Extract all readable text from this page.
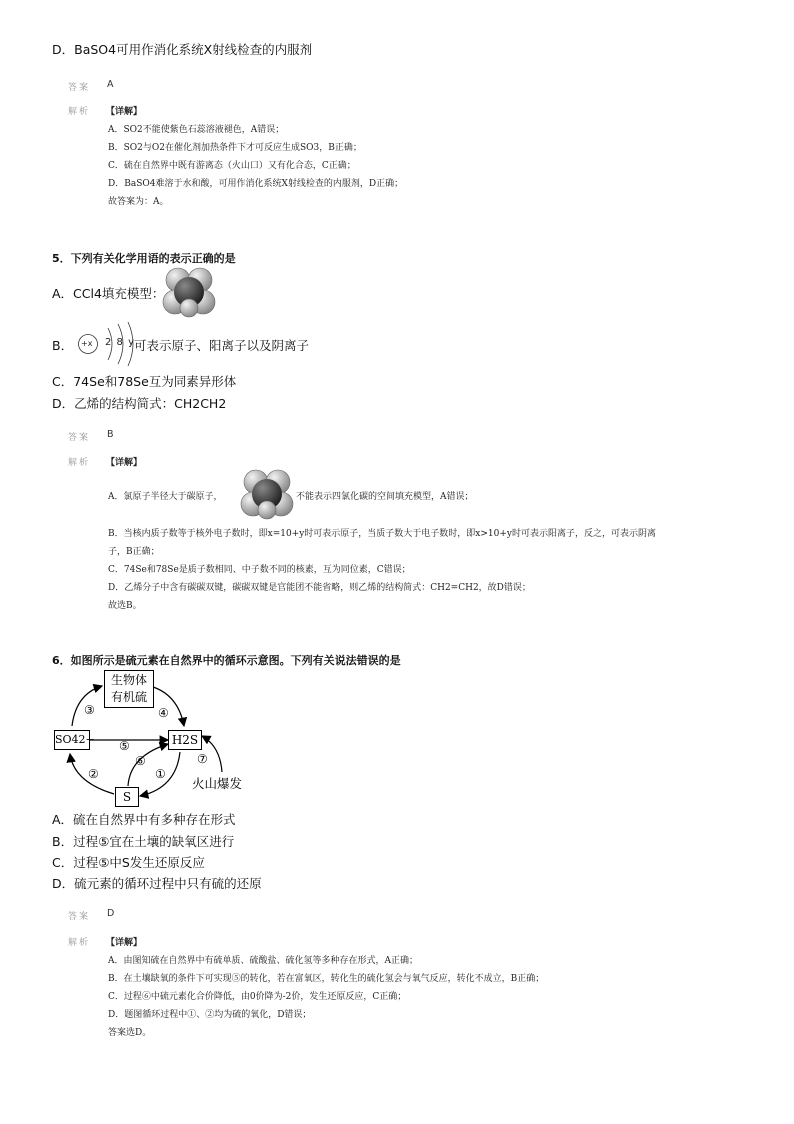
D．BaSO4可用作消化系统X射线检查的内服剂
答案 A
解析 【详解】
A．SO2不能使紫色石蕊溶液褪色，A错误；
B．SO2与O2在催化剂加热条件下才可反应生成SO3，B正确；
C．硫在自然界中既有游离态（火山口）又有化合态，C正确；
D．BaSO4难溶于水和酸，可用作消化系统X射线检查的内服剂，D正确；
故答案为：A。
5．下列有关化学用语的表示正确的是
A．CCl4填充模型：
B． +x 2 8 y 可表示原子、阳离子以及阴离子
C．74Se和78Se互为同素异形体
D．乙烯的结构简式：CH2CH2
答案 B
解析 【详解】
A．氯原子半径大于碳原子，	不能表示四氯化碳的空间填充模型，A错误；
B．当核内质子数等于核外电子数时，即x=10+y时可表示原子，当质子数大于电子数时，即x>10+y时可表示阳离子，反之，可表示阴离
子，B正确；
C．74Se和78Se是质子数相同、中子数不同的核素，互为同位素，C错误；
D．乙烯分子中含有碳碳双键，碳碳双键是官能团不能省略，则乙烯的结构简式：CH2=CH2，故D错误；
故选B。
6．如图所示是硫元素在自然界中的循环示意图。下列有关说法错误的是
生物体
有机硫
SO42−	H2S
S
③	④
⑤
⑥
②	①
⑦
火山爆发
A．硫在自然界中有多种存在形式
B．过程⑤宜在土壤的缺氧区进行
C．过程⑤中S发生还原反应
D．硫元素的循环过程中只有硫的还原
答案 D
解析 【详解】
A．由图知硫在自然界中有硫单质、硫酸盐、硫化氢等多种存在形式，A正确；
B．在土壤缺氧的条件下可实现⑤的转化，若在富氧区，转化生的硫化氢会与氧气反应，转化不成立，B正确；
C．过程⑥中硫元素化合价降低，由0价降为-2价，发生还原反应，C正确；
D．题图循环过程中①、②均为硫的氧化，D错误；
答案选D。
